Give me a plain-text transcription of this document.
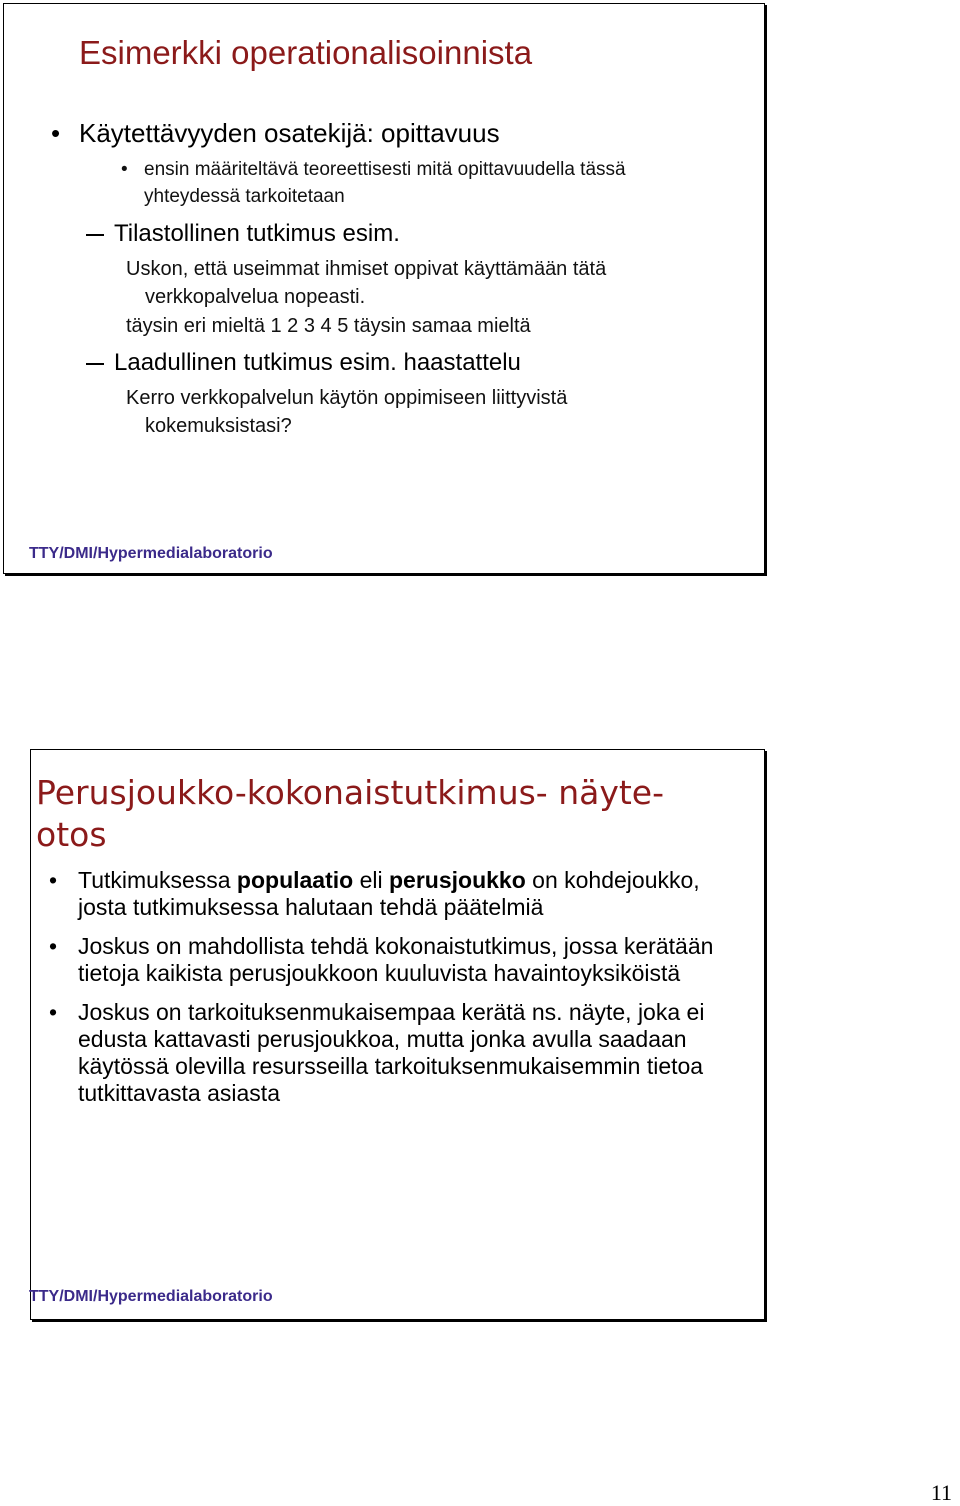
Esimerkki operationalisoinnista
• Käytettävyyden osatekijä: opittavuus
• ensin määriteltävä teoreettisesti mitä opittavuudella tässä
yhteydessä tarkoitetaan
Tilastollinen tutkimus esim.
Uskon, että useimmat ihmiset oppivat käyttämään tätä
verkkopalvelua nopeasti.
täysin eri mieltä 1 2 3 4 5 täysin samaa mieltä
Laadullinen tutkimus esim. haastattelu
Kerro verkkopalvelun käytön oppimiseen liittyvistä
kokemuksistasi?
TTY/DMI/Hypermedialaboratorio
Perusjoukko-kokonaistutkimus- näyte-otos
• Tutkimuksessa populaatio eli perusjoukko on kohdejoukko, josta tutkimuksessa halutaan tehdä päätelmiä
• Joskus on mahdollista tehdä kokonaistutkimus, jossa kerätään tietoja kaikista perusjoukkoon kuuluvista havaintoyksiköistä
• Joskus on tarkoituksenmukaisempaa kerätä ns. näyte, joka ei edusta kattavasti perusjoukkoa, mutta jonka avulla saadaan käytössä olevilla resursseilla tarkoituksenmukaisemmin tietoa tutkittavasta asiasta
TTY/DMI/Hypermedialaboratorio
11
